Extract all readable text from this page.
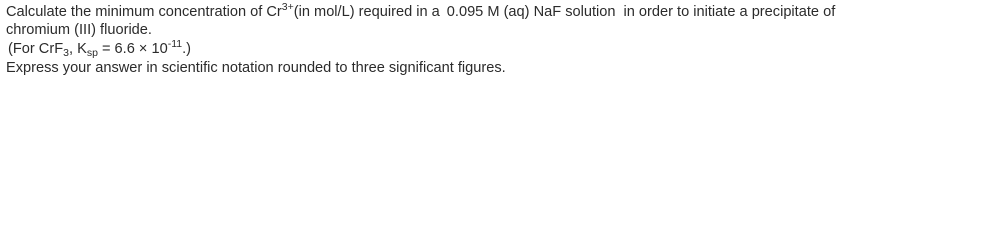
Calculate the minimum concentration of $Cr^{3+}(in$ mol/L) required in a 0.095 M (aq) NaF solution in order to initiate a precipitate of
chromium (III) fluoride.
(For CrF$_3$, $K_{sp} = 6.6 \times 10^{-11}$.)
Express your answer in scientific notation rounded to three significant figures.
